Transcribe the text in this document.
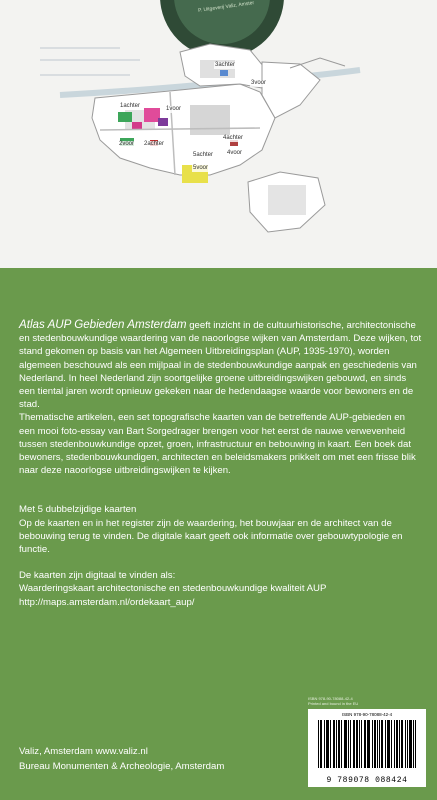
3achter
3voor
1achter	1voor
2voor 2achter
5achter
5voor
4achter
4voor
P. Uitgeverij Valiz, Amster

Atlas AUP Gebieden Amsterdam geeft inzicht in de cultuurhistorische, architectonische en stedenbouwkundige waardering van de naoorlogse wijken van Amsterdam. Deze wijken, tot stand gekomen op basis van het Algemeen Uitbreidingsplan (AUP, 1935-1970), worden algemeen beschouwd als een mijlpaal in de stedenbouwkundige aanpak en geschiedenis van Nederland. In heel Nederland zijn soortgelijke groene uitbreidingswijken gebouwd, en sinds een tiental jaren wordt opnieuw gekeken naar de hedendaagse waarde voor bewoners en de stad.

Thematische artikelen, een set topografische kaarten van de betreffende AUP-gebieden en een mooi foto-essay van Bart Sorgedrager brengen voor het eerst de nauwe verwevenheid tussen stedenbouwkundige opzet, groen, infrastructuur en bebouwing in kaart. Een boek dat bewoners, stedenbouwkundigen, architecten en beleidsmakers prikkelt om met een frisse blik naar deze naoorlogse uitbreidingswijken te kijken.

Met 5 dubbelzijdige kaarten

Op de kaarten en in het register zijn de waardering, het bouwjaar en de architect van de bebouwing terug te vinden. De digitale kaart geeft ook informatie over gebouwtypologie en functie.

De kaarten zijn digitaal te vinden als:

Waarderingskaart architectonische en stedenbouwkundige kwaliteit AUP

http://maps.amsterdam.nl/ordekaart_aup/

ISBN 978-90-78088-42-4
Printed and bound in the EU
ISBN 978-90-78088-42-4
9 789078 088424
Valiz, Amsterdam www.valiz.nl
Bureau Monumenten & Archeologie, Amsterdam
